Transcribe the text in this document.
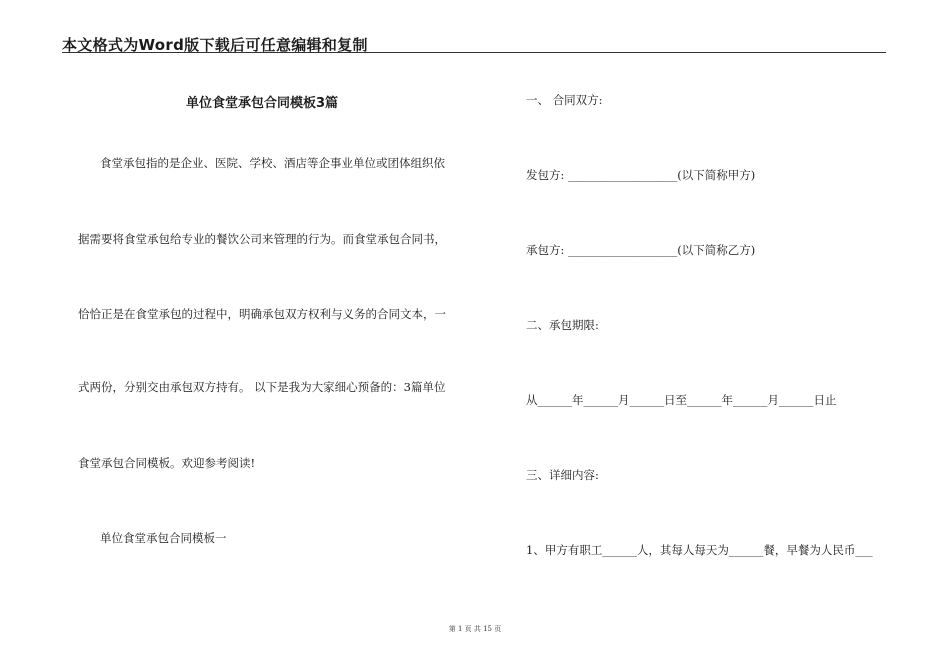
本文格式为Word版下载后可任意编辑和复制
单位食堂承包合同模板3篇
食堂承包指的是企业、医院、学校、酒店等企事业单位或团体组织依
据需要将食堂承包给专业的餐饮公司来管理的行为。而食堂承包合同书，
恰恰正是在食堂承包的过程中，明确承包双方权利与义务的合同文本，一
式两份，分别交由承包双方持有。 以下是我为大家细心预备的：3篇单位
食堂承包合同模板。欢迎参考阅读!
单位食堂承包合同模板一
一、 合同双方:
发包方: ___________________(以下简称甲方)
承包方: ___________________(以下简称乙方)
二、承包期限:
从______年______月______日至______年______月______日止
三、详细内容:
1、甲方有职工______人，其每人每天为______餐，早餐为人民币___
第 1 页 共 15 页
